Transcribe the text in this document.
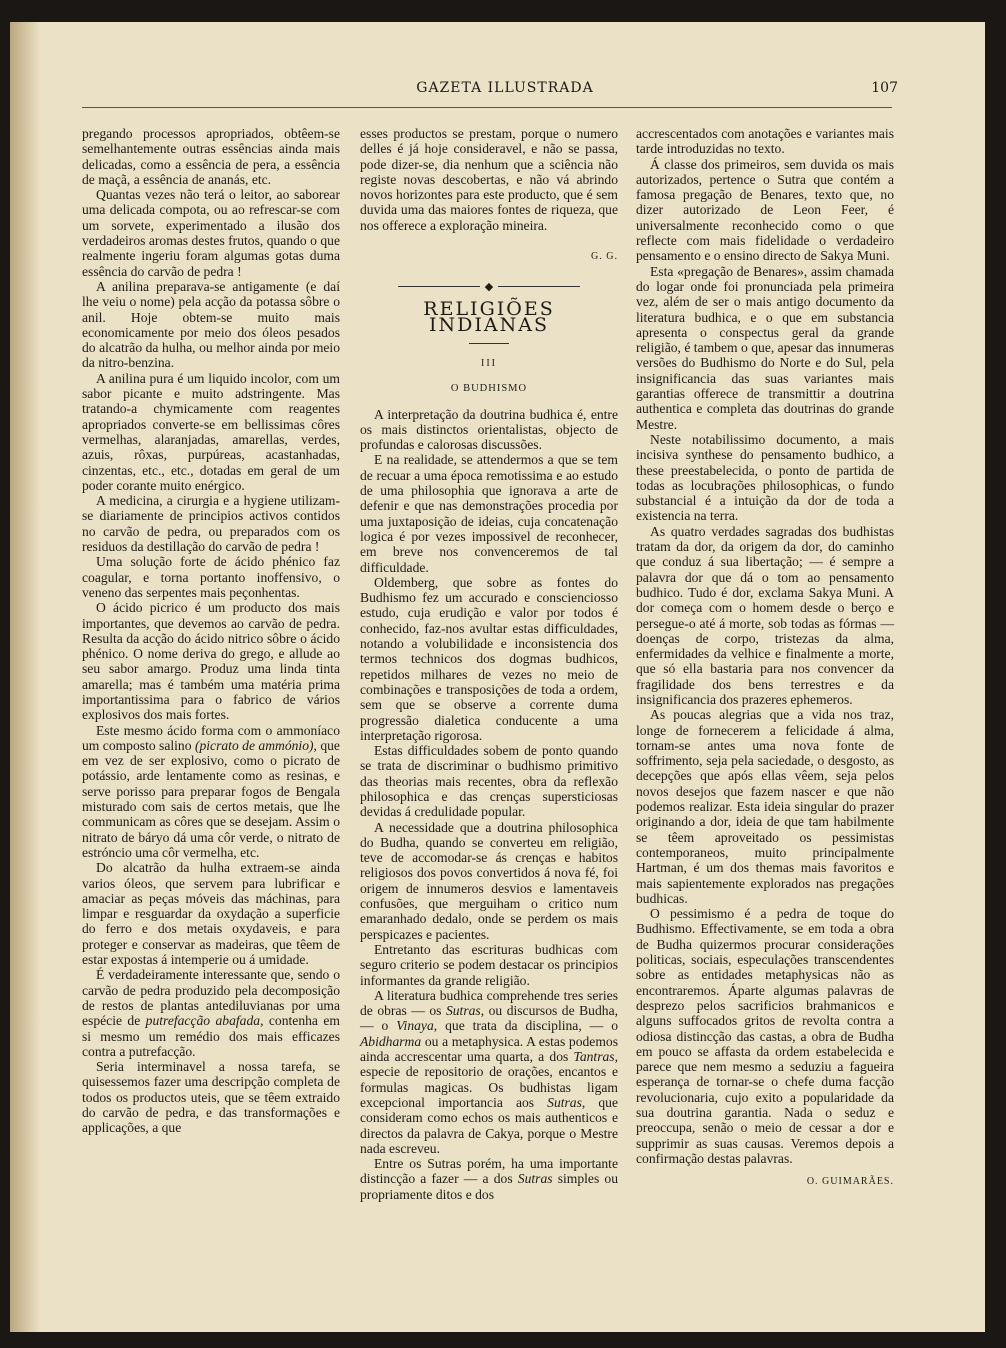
GAZETA ILLUSTRADA	107

pregando processos apropriados, obtêem-se semelhantemente outras essências ainda mais delicadas, como a essência de pera, a essência de maçã, a essência de ananás, etc.

Quantas vezes não terá o leitor, ao saborear uma delicada compota, ou ao refrescar-se com um sorvete, experimentado a ilusão dos verdadeiros aromas destes frutos, quando o que realmente ingeriu foram algumas gotas duma essência do carvão de pedra !

A anilina preparava-se antigamente (e daí lhe veiu o nome) pela acção da potassa sôbre o anil. Hoje obtem-se muito mais economicamente por meio dos óleos pesados do alcatrão da hulha, ou melhor ainda por meio da nitro-benzina.

A anilina pura é um liquido incolor, com um sabor picante e muito adstringente. Mas tratando-a chymicamente com reagentes apropriados converte-se em bellissimas côres vermelhas, alaranjadas, amarellas, verdes, azuis, rôxas, purpúreas, acastanhadas, cinzentas, etc., etc., dotadas em geral de um poder corante muito enérgico.

A medicina, a cirurgia e a hygiene utilizam-se diariamente de principios activos contidos no carvão de pedra, ou preparados com os residuos da destillação do carvão de pedra !

Uma solução forte de ácido phénico faz coagular, e torna portanto inoffensivo, o veneno das serpentes mais peçonhentas.

O ácido picrico é um producto dos mais importantes, que devemos ao carvão de pedra. Resulta da acção do ácido nitrico sôbre o ácido phénico. O nome deriva do grego, e allude ao seu sabor amargo. Produz uma linda tinta amarella; mas é também uma matéria prima importantissima para o fabrico de vários explosivos dos mais fortes.

Este mesmo ácido forma com o ammoníaco um composto salino (picrato de ammónio), que em vez de ser explosivo, como o picrato de potássio, arde lentamente como as resinas, e serve porisso para preparar fogos de Bengala misturado com sais de certos metais, que lhe communicam as côres que se desejam. Assim o nitrato de báryo dá uma côr verde, o nitrato de estróncio uma côr vermelha, etc.

Do alcatrão da hulha extraem-se ainda varios óleos, que servem para lubrificar e amaciar as peças móveis das máchinas, para limpar e resguardar da oxydação a superficie do ferro e dos metais oxydaveis, e para proteger e conservar as madeiras, que têem de estar expostas á intemperie ou á umidade.

É verdadeiramente interessante que, sendo o carvão de pedra produzido pela decomposição de restos de plantas antediluvianas por uma espécie de putrefacção abafada, contenha em si mesmo um remédio dos mais efficazes contra a putrefacção.

Seria interminavel a nossa tarefa, se quisessemos fazer uma descripção completa de todos os productos uteis, que se têem extraido do carvão de pedra, e das transformações e applicações, a que

esses productos se prestam, porque o numero delles é já hoje consideravel, e não se passa, pode dizer-se, dia nenhum que a sciência não registe novas descobertas, e não vá abrindo novos horizontes para este producto, que é sem duvida uma das maiores fontes de riqueza, que nos offerece a exploração mineira.

G. G.
◆
RELIGIÕES INDIANAS
III
O BUDHISMO

A interpretação da doutrina budhica é, entre os mais distinctos orientalistas, objecto de profundas e calorosas discussões.

E na realidade, se attendermos a que se tem de recuar a uma época remotissima e ao estudo de uma philosophia que ignorava a arte de defenir e que nas demonstrações procedia por uma juxtaposição de ideias, cuja concatenação logica é por vezes impossivel de reconhecer, em breve nos convenceremos de tal difficuldade.

Oldemberg, que sobre as fontes do Budhismo fez um accurado e conscienciosso estudo, cuja erudição e valor por todos é conhecido, faz-nos avultar estas difficuldades, notando a volubilidade e inconsistencia dos termos technicos dos dogmas budhicos, repetidos milhares de vezes no meio de combinações e transposições de toda a ordem, sem que se observe a corrente duma progressão dialetica conducente a uma interpretação rigorosa.

Estas difficuldades sobem de ponto quando se trata de discriminar o budhismo primitivo das theorias mais recentes, obra da reflexão philosophica e das crenças supersticiosas devidas á credulidade popular.

A necessidade que a doutrina philosophica do Budha, quando se converteu em religião, teve de accomodar-se ás crenças e habitos religiosos dos povos convertidos á nova fé, foi origem de innumeros desvios e lamentaveis confusões, que merguiham o critico num emaranhado dedalo, onde se perdem os mais perspicazes e pacientes.

Entretanto das escrituras budhicas com seguro criterio se podem destacar os principios informantes da grande religião.

A literatura budhica comprehende tres series de obras — os Sutras, ou discursos de Budha, — o Vinaya, que trata da disciplina, — o Abidharma ou a metaphysica. A estas podemos ainda accrescentar uma quarta, a dos Tantras, especie de repositorio de orações, encantos e formulas magicas. Os budhistas ligam excepcional importancia aos Sutras, que consideram como echos os mais authenticos e directos da palavra de Cakya, porque o Mestre nada escreveu.

Entre os Sutras porém, ha uma importante distincção a fazer — a dos Sutras simples ou propriamente ditos e dos

accrescentados com anotações e variantes mais tarde introduzidas no texto.

Á classe dos primeiros, sem duvida os mais autorizados, pertence o Sutra que contém a famosa pregação de Benares, texto que, no dizer autorizado de Leon Feer, é universalmente reconhecido como o que reflecte com mais fidelidade o verdadeiro pensamento e o ensino directo de Sakya Muni.

Esta «pregação de Benares», assim chamada do logar onde foi pronunciada pela primeira vez, além de ser o mais antigo documento da literatura budhica, e o que em substancia apresenta o conspectus geral da grande religião, é tambem o que, apesar das innumeras versões do Budhismo do Norte e do Sul, pela insignificancia das suas variantes mais garantias offerece de transmittir a doutrina authentica e completa das doutrinas do grande Mestre.

Neste notabilissimo documento, a mais incisiva synthese do pensamento budhico, a these preestabelecida, o ponto de partida de todas as locubrações philosophicas, o fundo substancial é a intuição da dor de toda a existencia na terra.

As quatro verdades sagradas dos budhistas tratam da dor, da origem da dor, do caminho que conduz á sua libertação; — é sempre a palavra dor que dá o tom ao pensamento budhico. Tudo é dor, exclama Sakya Muni. A dor começa com o homem desde o berço e persegue-o até á morte, sob todas as fórmas — doenças de corpo, tristezas da alma, enfermidades da velhice e finalmente a morte, que só ella bastaria para nos convencer da fragilidade dos bens terrestres e da insignificancia dos prazeres ephemeros.

As poucas alegrias que a vida nos traz, longe de fornecerem a felicidade á alma, tornam-se antes uma nova fonte de soffrimento, seja pela saciedade, o desgosto, as decepções que após ellas vêem, seja pelos novos desejos que fazem nascer e que não podemos realizar. Esta ideia singular do prazer originando a dor, ideia de que tam habilmente se têem aproveitado os pessimistas contemporaneos, muito principalmente Hartman, é um dos themas mais favoritos e mais sapientemente explorados nas pregações budhicas.

O pessimismo é a pedra de toque do Budhismo. Effectivamente, se em toda a obra de Budha quizermos procurar considerações politicas, sociais, especulações transcendentes sobre as entidades metaphysicas não as encontraremos. Áparte algumas palavras de desprezo pelos sacrificios brahmanicos e alguns suffocados gritos de revolta contra a odiosa distincção das castas, a obra de Budha em pouco se affasta da ordem estabelecida e parece que nem mesmo a seduziu a fagueira esperança de tornar-se o chefe duma facção revolucionaria, cujo exito a popularidade da sua doutrina garantia. Nada o seduz e preoccupa, senão o meio de cessar a dor e supprimir as suas causas. Veremos depois a confirmação destas palavras.

O. GUIMARÃES.
